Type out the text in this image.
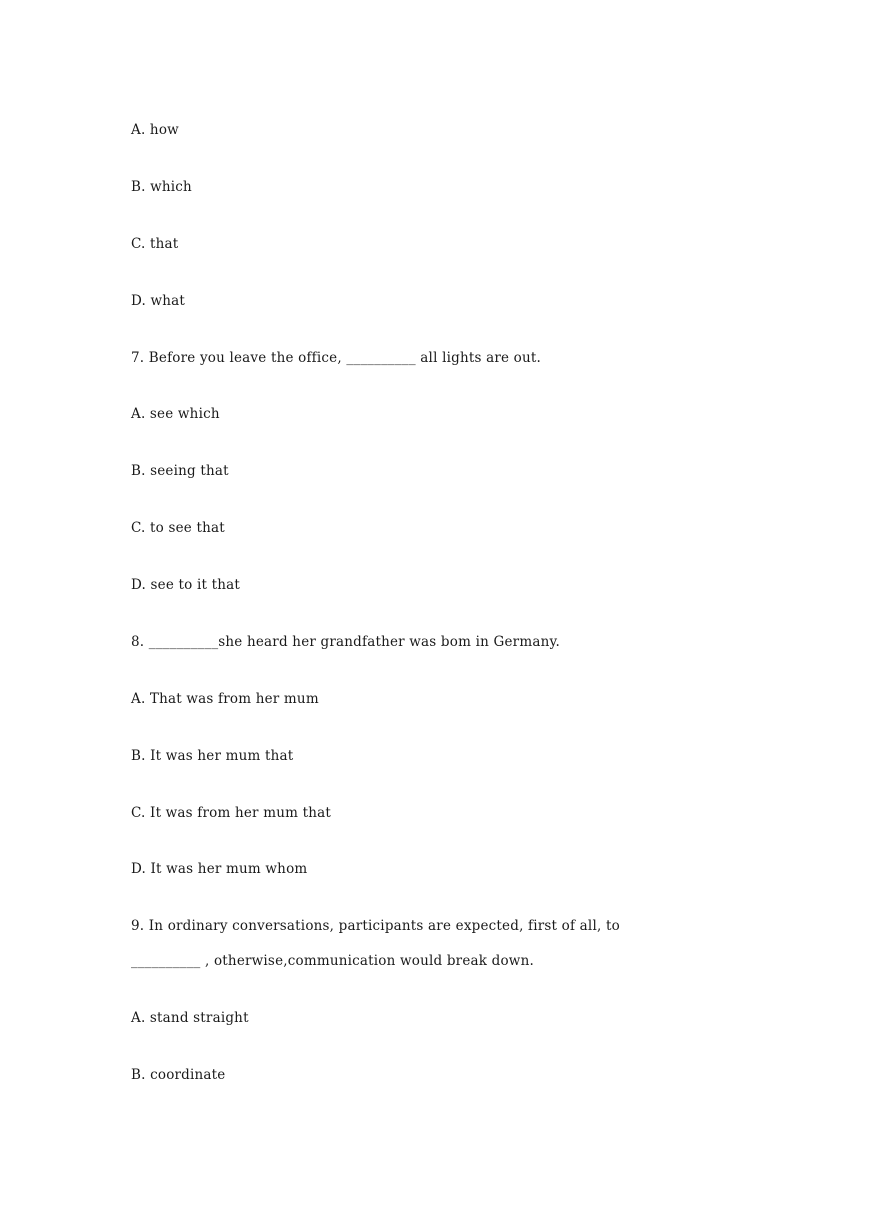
A. how
B. which
C. that
D. what
7. Before you leave the office, __________ all lights are out.
A. see which
B. seeing that
C. to see that
D. see to it that
8. __________she heard her grandfather was bom in Germany.
A. That was from her mum
B. It was her mum that
C. It was from her mum that
D. It was her mum whom
9. In ordinary conversations, participants are expected, first of all, to
__________ , otherwise,communication would break down.
A. stand straight
B. coordinate
